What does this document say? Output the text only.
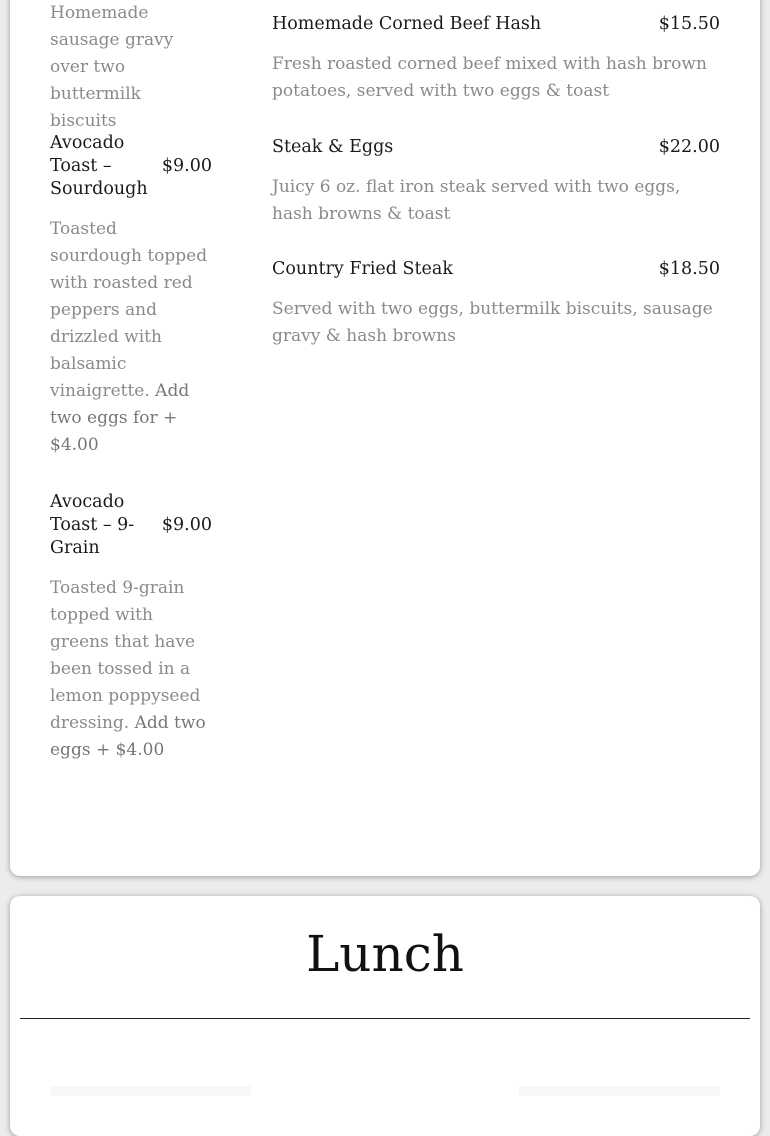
Homemade sausage gravy over two buttermilk biscuits
Avocado Toast – Sourdough
$9.00
Toasted sourdough topped with roasted red peppers and drizzled with balsamic vinaigrette. Add two eggs for + $4.00
Avocado Toast – 9-Grain
$9.00
Toasted 9-grain topped with greens that have been tossed in a lemon poppyseed dressing. Add two eggs + $4.00
Homemade Corned Beef Hash	$15.50
Fresh roasted corned beef mixed with hash brown potatoes, served with two eggs & toast
Steak & Eggs	$22.00
Juicy 6 oz. flat iron steak served with two eggs, hash browns & toast
Country Fried Steak	$18.50
Served with two eggs, buttermilk biscuits, sausage gravy & hash browns
Lunch
